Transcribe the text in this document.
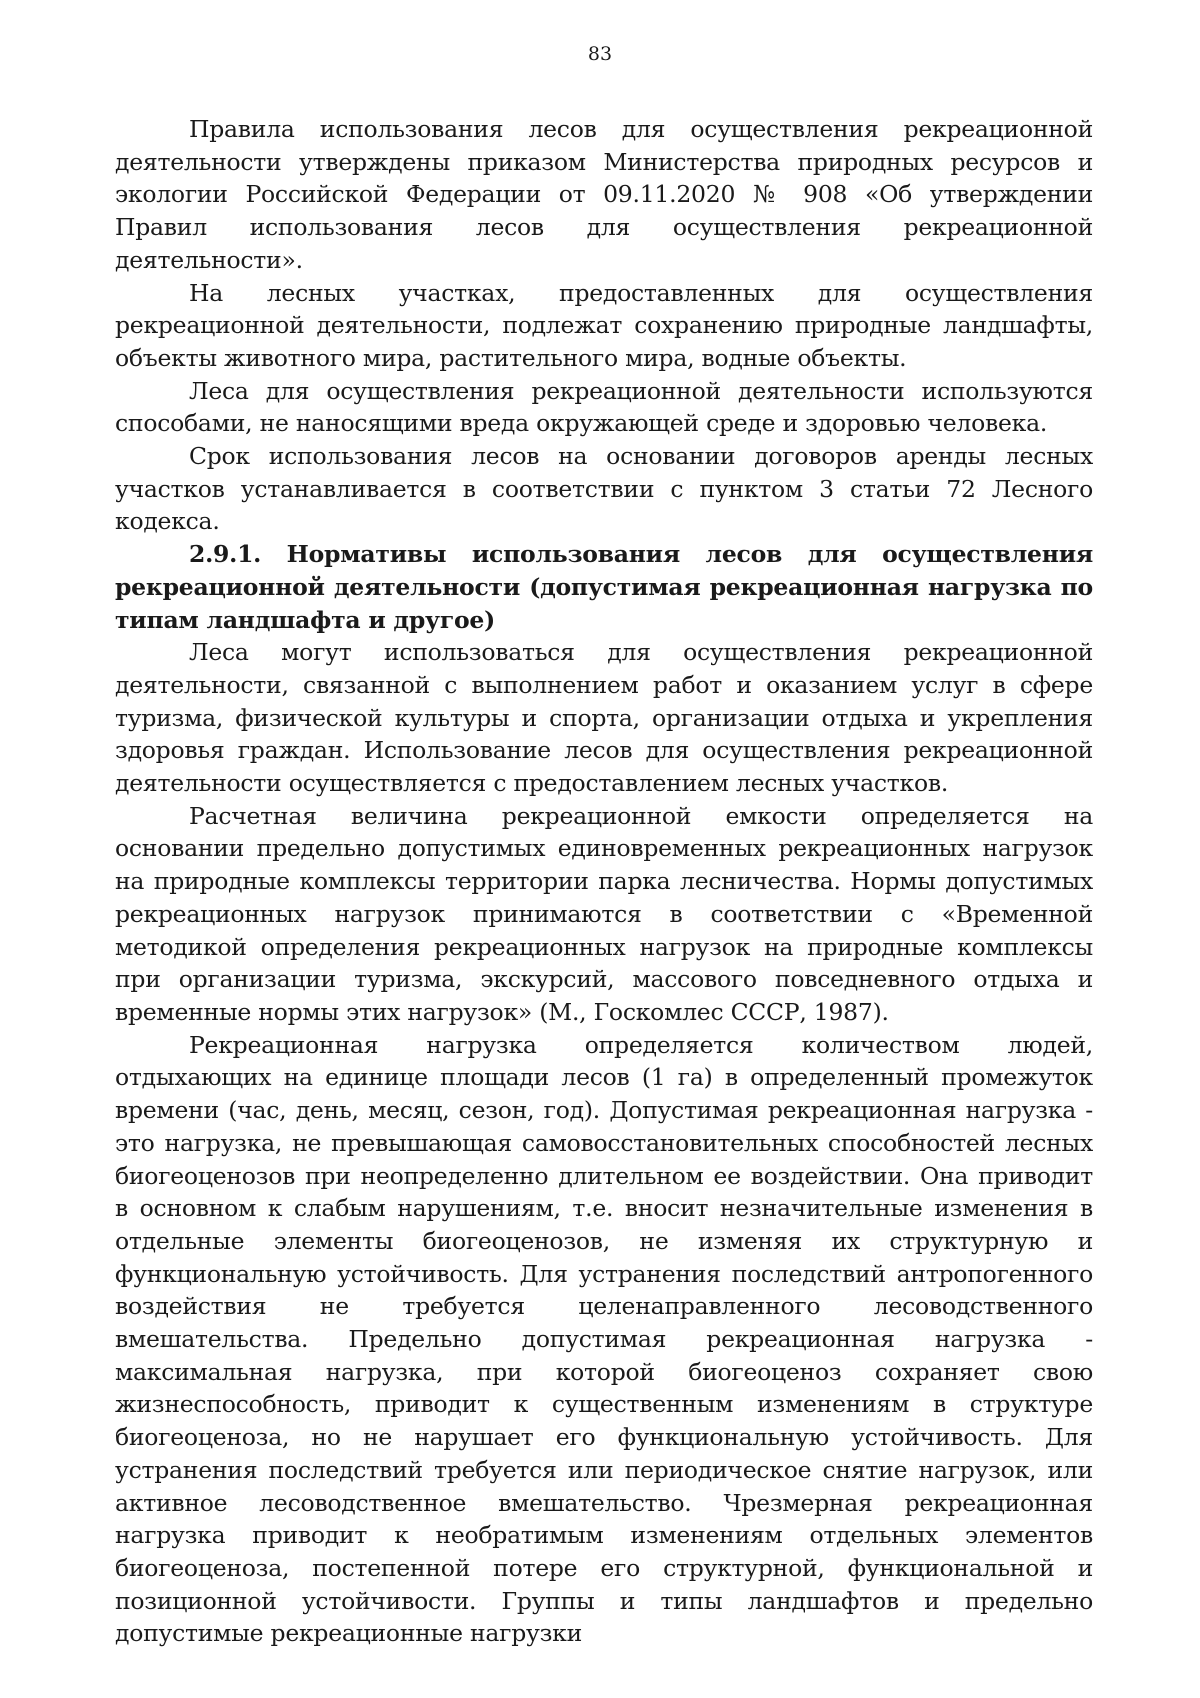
83

Правила использования лесов для осуществления рекреационной деятельности утверждены приказом Министерства природных ресурсов и экологии Российской Федерации от 09.11.2020 № 908 «Об утверждении Правил использования лесов для осуществления рекреационной деятельности».

На лесных участках, предоставленных для осуществления рекреационной деятельности, подлежат сохранению природные ландшафты, объекты животного мира, растительного мира, водные объекты.

Леса для осуществления рекреационной деятельности используются способами, не наносящими вреда окружающей среде и здоровью человека.

Срок использования лесов на основании договоров аренды лесных участков устанавливается в соответствии с пунктом 3 статьи 72 Лесного кодекса.

2.9.1. Нормативы использования лесов для осуществления рекреационной деятельности (допустимая рекреационная нагрузка по типам ландшафта и другое)

Леса могут использоваться для осуществления рекреационной деятельности, связанной с выполнением работ и оказанием услуг в сфере туризма, физической культуры и спорта, организации отдыха и укрепления здоровья граждан. Использование лесов для осуществления рекреационной деятельности осуществляется с предоставлением лесных участков.

Расчетная величина рекреационной емкости определяется на основании предельно допустимых единовременных рекреационных нагрузок на природные комплексы территории парка лесничества. Нормы допустимых рекреационных нагрузок принимаются в соответствии с «Временной методикой определения рекреационных нагрузок на природные комплексы при организации туризма, экскурсий, массового повседневного отдыха и временные нормы этих нагрузок» (М., Госкомлес СССР, 1987).

Рекреационная нагрузка определяется количеством людей, отдыхающих на единице площади лесов (1 га) в определенный промежуток времени (час, день, месяц, сезон, год). Допустимая рекреационная нагрузка - это нагрузка, не превышающая самовосстановительных способностей лесных биогеоценозов при неопределенно длительном ее воздействии. Она приводит в основном к слабым нарушениям, т.е. вносит незначительные изменения в отдельные элементы биогеоценозов, не изменяя их структурную и функциональную устойчивость. Для устранения последствий антропогенного воздействия не требуется целенаправленного лесоводственного вмешательства. Предельно допустимая рекреационная нагрузка - максимальная нагрузка, при которой биогеоценоз сохраняет свою жизнеспособность, приводит к существенным изменениям в структуре биогеоценоза, но не нарушает его функциональную устойчивость. Для устранения последствий требуется или периодическое снятие нагрузок, или активное лесоводственное вмешательство. Чрезмерная рекреационная нагрузка приводит к необратимым изменениям отдельных элементов биогеоценоза, постепенной потере его структурной, функциональной и позиционной устойчивости. Группы и типы ландшафтов и предельно допустимые рекреационные нагрузки
